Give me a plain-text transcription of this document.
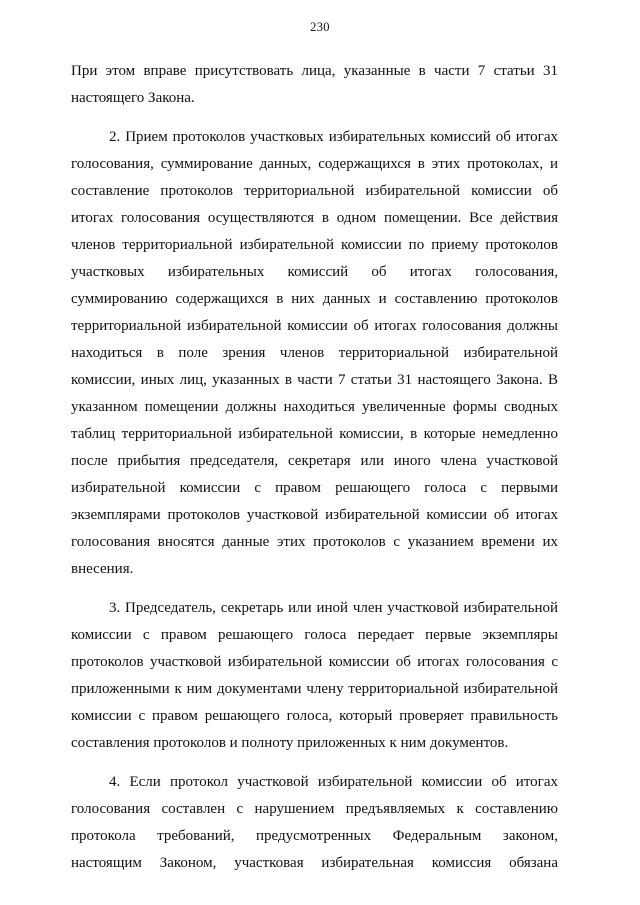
230
При этом вправе присутствовать лица, указанные в части 7 статьи 31
настоящего Закона.
2. Прием протоколов участковых избирательных комиссий об итогах
голосования, суммирование данных, содержащихся в этих протоколах, и
составление протоколов территориальной избирательной комиссии об
итогах голосования осуществляются в одном помещении. Все действия
членов территориальной избирательной комиссии по приему протоколов
участковых избирательных комиссий об итогах голосования,
суммированию содержащихся в них данных и составлению протоколов
территориальной избирательной комиссии об итогах голосования должны
находиться в поле зрения членов территориальной избирательной
комиссии, иных лиц, указанных в части 7 статьи 31 настоящего Закона. В
указанном помещении должны находиться увеличенные формы сводных
таблиц территориальной избирательной комиссии, в которые немедленно
после прибытия председателя, секретаря или иного члена участковой
избирательной комиссии с правом решающего голоса с первыми
экземплярами протоколов участковой избирательной комиссии об итогах
голосования вносятся данные этих протоколов с указанием времени их
внесения.
3. Председатель, секретарь или иной член участковой избирательной
комиссии с правом решающего голоса передает первые экземпляры
протоколов участковой избирательной комиссии об итогах голосования с
приложенными к ним документами члену территориальной избирательной
комиссии с правом решающего голоса, который проверяет правильность
составления протоколов и полноту приложенных к ним документов.
4. Если протокол участковой избирательной комиссии об итогах
голосования составлен с нарушением предъявляемых к составлению
протокола требований, предусмотренных Федеральным законом,
настоящим Законом, участковая избирательная комиссия обязана
